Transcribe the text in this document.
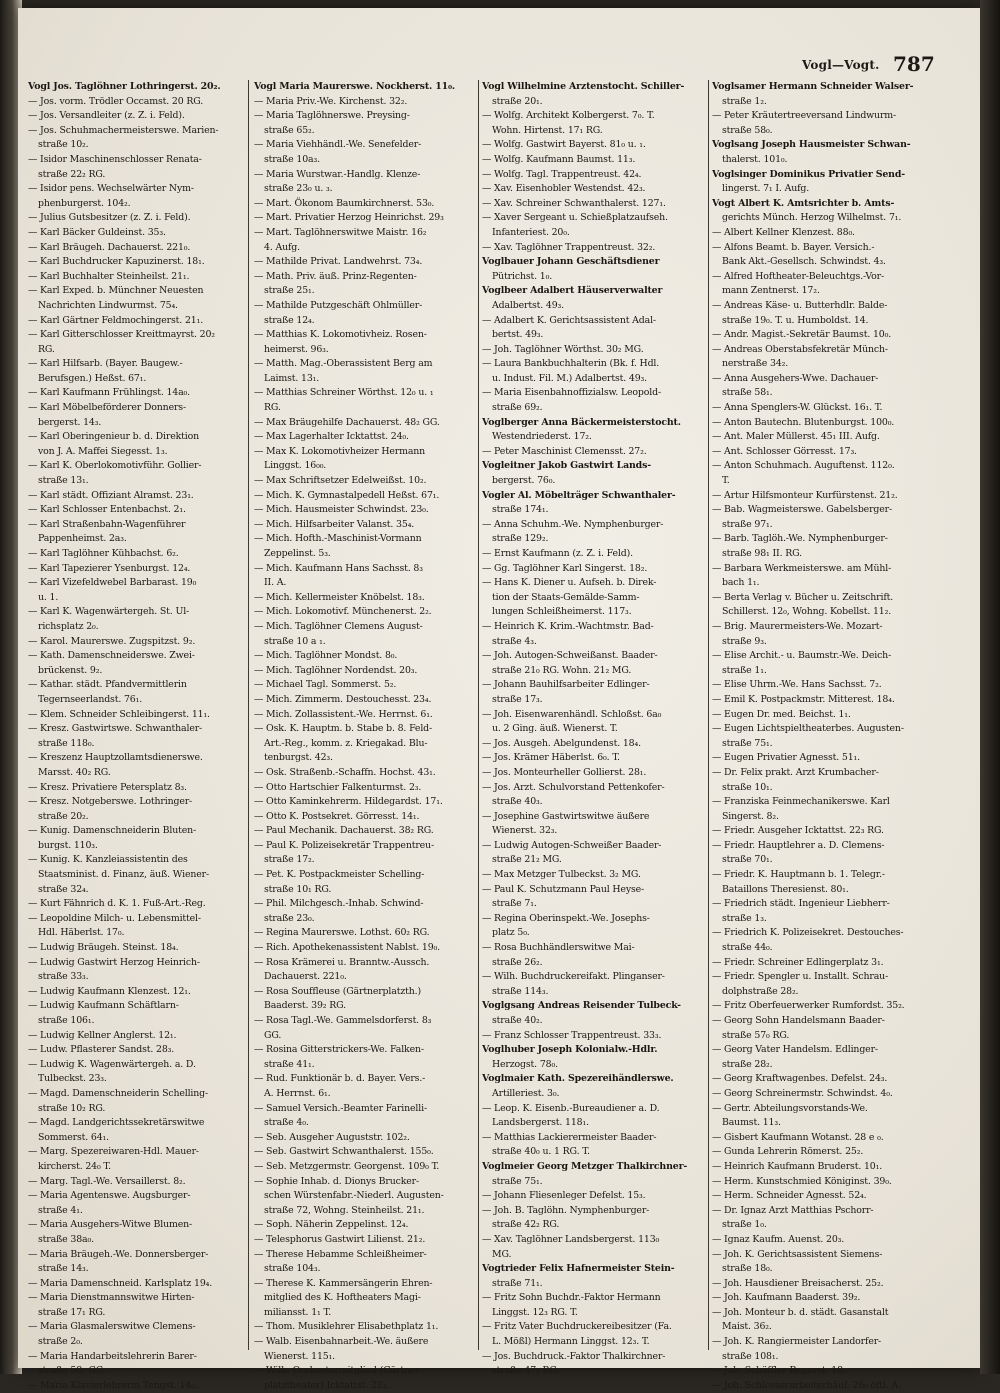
Vogl—Vogt. 787
Vogl Jos. Taglöhner Lothringerst. 20₂.
— Jos. vorm. Trödler Occamst. 20 RG.
— Jos. Versandleiter (z. Z. i. Feld).
— Jos. Schuhmachermeisterswe. Marien-
straße 10₂.
— Isidor Maschinenschlosser Renata-
straße 22₂ RG.
— Isidor pens. Wechselwärter Nym-
phenburgerst. 104₂.
— Julius Gutsbesitzer (z. Z. i. Feld).
— Karl Bäcker Guldeinst. 35₃.
— Karl Bräugeh. Dachauerst. 221₀.
— Karl Buchdrucker Kapuzinerst. 18₁.
— Karl Buchhalter Steinheilst. 21₁.
— Karl Exped. b. Münchner Neuesten
Nachrichten Lindwurmst. 75₄.
— Karl Gärtner Feldmochingerst. 21₁.
— Karl Gitterschlosser Kreittmayrst. 20₂
RG.
— Karl Hilfsarb. (Bayer. Baugew.-
Berufsgen.) Heßst. 67₁.
— Karl Kaufmann Frühlingst. 14a₀.
— Karl Möbelbeförderer Donners-
bergerst. 14₃.
— Karl Oberingenieur b. d. Direktion
von J. A. Maffei Siegesst. 1₃.
— Karl K. Oberlokomotivführ. Gollier-
straße 13₁.
— Karl städt. Offiziant Alramst. 23₁.
— Karl Schlosser Entenbachst. 2₁.
— Karl Straßenbahn-Wagenführer
Pappenheimst. 2a₃.
— Karl Taglöhner Kühbachst. 6₂.
— Karl Tapezierer Ysenburgst. 12₄.
— Karl Vizefeldwebel Barbarast. 19₀
u. 1.
— Karl K. Wagenwärtergeh. St. Ul-
richsplatz 2₀.
— Karol. Maurerswe. Zugspitzst. 9₂.
— Kath. Damenschneiderswe. Zwei-
brückenst. 9₂.
— Kathar. städt. Pfandvermittlerin
Tegernseerlandst. 76₁.
— Klem. Schneider Schleibingerst. 11₁.
— Kresz. Gastwirtswe. Schwanthaler-
straße 118₀.
— Kreszenz Hauptzollamtsdienerswe.
Marsst. 40₂ RG.
— Kresz. Privatiere Petersplatz 8₃.
— Kresz. Notgeberswe. Lothringer-
straße 20₂.
— Kunig. Damenschneiderin Bluten-
burgst. 110₃.
— Kunig. K. Kanzleiassistentin des
Staatsminist. d. Finanz, äuß. Wiener-
straße 32₄.
— Kurt Fähnrich d. K. 1. Fuß-Art.-Reg.
— Leopoldine Milch- u. Lebensmittel-
Hdl. Häberlst. 17₀.
— Ludwig Bräugeh. Steinst. 18₄.
— Ludwig Gastwirt Herzog Heinrich-
straße 33₃.
— Ludwig Kaufmann Klenzest. 12₁.
— Ludwig Kaufmann Schäftlarn-
straße 106₁.
— Ludwig Kellner Anglerst. 12₁.
— Ludw. Pflasterer Sandst. 28₃.
— Ludwig K. Wagenwärtergeh. a. D.
Tulbeckst. 23₃.
— Magd. Damenschneiderin Schelling-
straße 10₂ RG.
— Magd. Landgerichtssekretärswitwe
Sommerst. 64₁.
— Marg. Spezereiwaren-Hdl. Mauer-
kircherst. 24₀ T.
— Marg. Tagl.-We. Versaillerst. 8₂.
— Maria Agentenswe. Augsburger-
straße 4₁.
— Maria Ausgehers-Witwe Blumen-
straße 38a₀.
— Maria Bräugeh.-We. Donnersberger-
straße 14₃.
— Maria Damenschneid. Karlsplatz 19₄.
— Maria Dienstmannswitwe Hirten-
straße 17₁ RG.
— Maria Glasmalerswitwe Clemens-
straße 2₀.
— Maria Handarbeitslehrerin Barer-
straße 58₂ GG.
— Maria Klavierlehrerin Tengst. 14₀.
Vogl Maria Maurerswe. Nockherst. 11₀.
— Maria Priv.-We. Kirchenst. 32₂.
— Maria Taglöhnerswe. Preysing-
straße 65₂.
— Maria Viehhändl.-We. Senefelder-
straße 10a₃.
— Maria Wurstwar.-Handlg. Klenze-
straße 23₀ u. ₃.
— Mart. Ökonom Baumkirchnerst. 53₀.
— Mart. Privatier Herzog Heinrichst. 29₃
— Mart. Taglöhnerswitwe Maistr. 16₂
4. Aufg.
— Mathilde Privat. Landwehrst. 73₄.
— Math. Priv. äuß. Prinz-Regenten-
straße 25₁.
— Mathilde Putzgeschäft Ohlmüller-
straße 12₄.
— Matthias K. Lokomotivheiz. Rosen-
heimerst. 96₃.
— Matth. Mag.-Oberassistent Berg am
Laimst. 13₁.
— Matthias Schreiner Wörthst. 12₀ u. ₁
RG.
— Max Bräugehilfe Dachauerst. 48₂ GG.
— Max Lagerhalter Icktattst. 24₀.
— Max K. Lokomotivheizer Hermann
Linggst. 16₀₀.
— Max Schriftsetzer Edelweißst. 10₂.
— Mich. K. Gymnastalpedell Heßst. 67₁.
— Mich. Hausmeister Schwindst. 23₀.
— Mich. Hilfsarbeiter Valanst. 35₄.
— Mich. Hofth.-Maschinist-Vormann
Zeppelinst. 5₃.
— Mich. Kaufmann Hans Sachsst. 8₃
II. A.
— Mich. Kellermeister Knöbelst. 18₃.
— Mich. Lokomotivf. Münchenerst. 2₂.
— Mich. Taglöhner Clemens August-
straße 10 a ₁.
— Mich. Taglöhner Mondst. 8₀.
— Mich. Taglöhner Nordendst. 20₃.
— Michael Tagl. Sommerst. 5₂.
— Mich. Zimmerm. Destouchesst. 23₄.
— Mich. Zollassistent.-We. Herrnst. 6₁.
— Osk. K. Hauptm. b. Stabe b. 8. Feld-
Art.-Reg., komm. z. Kriegakad. Blu-
tenburgst. 42₃.
— Osk. Straßenb.-Schaffn. Hochst. 43₁.
— Otto Hartschier Falkenturmst. 2₃.
— Otto Kaminkehrerm. Hildegardst. 17₁.
— Otto K. Postsekret. Görresst. 14₁.
— Paul Mechanik. Dachauerst. 38₂ RG.
— Paul K. Polizeisekretär Trappentreu-
straße 17₂.
— Pet. K. Postpackmeister Schelling-
straße 10₁ RG.
— Phil. Milchgesch.-Inhab. Schwind-
straße 23₀.
— Regina Maurerswe. Lothst. 60₂ RG.
— Rich. Apothekenassistent Nablst. 19₀.
— Rosa Krämerei u. Branntw.-Aussch.
Dachauerst. 221₀.
— Rosa Souffleuse (Gärtnerplatzth.)
Baaderst. 39₂ RG.
— Rosa Tagl.-We. Gammelsdorferst. 8₃
GG.
— Rosina Gitterstrickers-We. Falken-
straße 41₁.
— Rud. Funktionär b. d. Bayer. Vers.-
A. Herrnst. 6₁.
— Samuel Versich.-Beamter Farinelli-
straße 4₀.
— Seb. Ausgeher Auguststr. 102₂.
— Seb. Gastwirt Schwanthalerst. 155₀.
— Seb. Metzgermstr. Georgenst. 109₀ T.
— Sophie Inhab. d. Dionys Brucker-
schen Würstenfabr.-Niederl. Augusten-
straße 72, Wohng. Steinheilst. 21₁.
— Soph. Näherin Zeppelinst. 12₄.
— Telesphorus Gastwirt Lilienst. 21₂.
— Therese Hebamme Schleißheimer-
straße 104₃.
— Therese K. Kammersängerin Ehren-
mitglied des K. Hoftheaters Magi-
miliansst. 1₁ T.
— Thom. Musiklehrer Elisabethplatz 1₁.
— Walb. Eisenbahnarbeit.-We. äußere
Wienerst. 115₁.
— Wilh. Orchestermitglied (Gärtner-
platztheater) Icktattst. 22₂.
Vogl Wilhelmine Arztenstocht. Schiller-
straße 20₁.
— Wolfg. Architekt Kolbergerst. 7₀. T.
Wohn. Hirtenst. 17₁ RG.
— Wolfg. Gastwirt Bayerst. 81₀ u. ₁.
— Wolfg. Kaufmann Baumst. 11₃.
— Wolfg. Tagl. Trappentreust. 42₄.
— Xav. Eisenhobler Westendst. 42₃.
— Xav. Schreiner Schwanthalerst. 127₁.
— Xaver Sergeant u. Schießplatzaufseh.
Infanteriest. 20₀.
— Xav. Taglöhner Trappentreust. 32₂.
Voglbauer Johann Geschäftsdiener
Pütrichst. 1₀.
Voglbeer Adalbert Häuserverwalter
Adalbertst. 49₃.
— Adalbert K. Gerichtsassistent Adal-
bertst. 49₃.
— Joh. Taglöhner Wörthst. 30₂ MG.
— Laura Bankbuchhalterin (Bk. f. Hdl.
u. Indust. Fil. M.) Adalbertst. 49₃.
— Maria Eisenbahnoffizialsw. Leopold-
straße 69₂.
Voglberger Anna Bäckermeisterstocht.
Westendriederst. 17₂.
— Peter Maschinist Clemensst. 27₂.
Vogleitner Jakob Gastwirt Lands-
bergerst. 76₀.
Vogler Al. Möbelträger Schwanthaler-
straße 174₁.
— Anna Schuhm.-We. Nymphenburger-
straße 129₂.
— Ernst Kaufmann (z. Z. i. Feld).
— Gg. Taglöhner Karl Singerst. 18₂.
— Hans K. Diener u. Aufseh. b. Direk-
tion der Staats-Gemälde-Samm-
lungen Schleißheimerst. 117₃.
— Heinrich K. Krim.-Wachtmstr. Bad-
straße 4₃.
— Joh. Autogen-Schweißanst. Baader-
straße 21₀ RG. Wohn. 21₂ MG.
— Johann Bauhilfsarbeiter Edlinger-
straße 17₃.
— Joh. Eisenwarenhändl. Schloßst. 6a₀
u. 2 Ging. äuß. Wienerst. T.
— Jos. Ausgeh. Abelgundenst. 18₄.
— Jos. Krämer Häberlst. 6₀. T.
— Jos. Monteurheller Gollierst. 28₁.
— Jos. Arzt. Schulvorstand Pettenkofer-
straße 40₃.
— Josephine Gastwirtswitwe äußere
Wienerst. 32₃.
— Ludwig Autogen-Schweißer Baader-
straße 21₂ MG.
— Max Metzger Tulbeckst. 3₂ MG.
— Paul K. Schutzmann Paul Heyse-
straße 7₁.
— Regina Oberinspekt.-We. Josephs-
platz 5₀.
— Rosa Buchhändlerswitwe Mai-
straße 26₂.
— Wilh. Buchdruckereifakt. Plinganser-
straße 114₃.
Voglgsang Andreas Reisender Tulbeck-
straße 40₂.
— Franz Schlosser Trappentreust. 33₃.
Voglhuber Joseph Kolonialw.-Hdlr.
Herzogst. 78₀.
Voglmaier Kath. Spezereihändlerswe.
Artilleriest. 3₀.
— Leop. K. Eisenb.-Bureaudiener a. D.
Landsbergerst. 118₁.
— Matthias Lackierermeister Baader-
straße 40₀ u. 1 RG. T.
Voglmeier Georg Metzger Thalkirchner-
straße 75₁.
— Johann Fliesenleger Defelst. 15₃.
— Joh. B. Taglöhn. Nymphenburger-
straße 42₂ RG.
— Xav. Taglöhner Landsbergerst. 113₀
MG.
Vogtrieder Felix Hafnermeister Stein-
straße 71₁.
— Fritz Sohn Buchdr.-Faktor Hermann
Linggst. 12₃ RG. T.
— Fritz Vater Buchdruckereibesitzer (Fa.
L. Mößl) Hermann Linggst. 12₃. T.
— Jos. Buchdruck.-Faktor Thalkirchner-
straße 47₁ RG.
Voglsamer Hermann Schneider Walser-
straße 1₂.
— Peter Kräutertreeversand Lindwurm-
straße 58₀.
Voglsang Joseph Hausmeister Schwan-
thalerst. 101₀.
Voglsinger Dominikus Privatier Send-
lingerst. 7₁ I. Aufg.
Vogt Albert K. Amtsrichter b. Amts-
gerichts Münch. Herzog Wilhelmst. 7₁.
— Albert Kellner Klenzest. 88₀.
— Alfons Beamt. b. Bayer. Versich.-
Bank Akt.-Gesellsch. Schwindst. 4₃.
— Alfred Hoftheater-Beleuchtgs.-Vor-
mann Zentnerst. 17₂.
— Andreas Käse- u. Butterhdlr. Balde-
straße 19₀. T. u. Humboldst. 14.
— Andr. Magist.-Sekretär Baumst. 10₀.
— Andreas Oberstabsfekretär Münch-
nerstraße 34₂.
— Anna Ausgehers-Wwe. Dachauer-
straße 58₁.
— Anna Spenglers-W. Glückst. 16₁. T.
— Anton Bautechn. Blutenburgst. 100₀.
— Ant. Maler Müllerst. 45₁ III. Aufg.
— Ant. Schlosser Görresst. 17₃.
— Anton Schuhmach. Auguftenst. 112₀.
T.
— Artur Hilfsmonteur Kurfürstenst. 21₂.
— Bab. Wagmeisterswe. Gabelsberger-
straße 97₁.
— Barb. Taglöh.-We. Nymphenburger-
straße 98₁ II. RG.
— Barbara Werkmeisterswe. am Mühl-
bach 1₁.
— Berta Verlag v. Bücher u. Zeitschrift.
Schillerst. 12₀, Wohng. Kobellst. 11₂.
— Brig. Maurermeisters-We. Mozart-
straße 9₃.
— Elise Archit.- u. Baumstr.-We. Deich-
straße 1₁.
— Elise Uhrm.-We. Hans Sachsst. 7₂.
— Emil K. Postpackmstr. Mitterest. 18₄.
— Eugen Dr. med. Beichst. 1₁.
— Eugen Lichtspieltheaterbes. Augusten-
straße 75₁.
— Eugen Privatier Agnesst. 51₁.
— Dr. Felix prakt. Arzt Krumbacher-
straße 10₁.
— Franziska Feinmechanikerswe. Karl
Singerst. 8₂.
— Friedr. Ausgeher Icktattst. 22₃ RG.
— Friedr. Hauptlehrer a. D. Clemens-
straße 70₁.
— Friedr. K. Hauptmann b. 1. Telegr.-
Bataillons Theresienst. 80₁.
— Friedrich städt. Ingenieur Liebherr-
straße 1₃.
— Friedrich K. Polizeisekret. Destouches-
straße 44₀.
— Friedr. Schreiner Edlingerplatz 3₁.
— Friedr. Spengler u. Installt. Schrau-
dolphstraße 28₂.
— Fritz Oberfeuerwerker Rumfordst. 35₂.
— Georg Sohn Handelsmann Baader-
straße 57₀ RG.
— Georg Vater Handelsm. Edlinger-
straße 28₂.
— Georg Kraftwagenbes. Defelst. 24₃.
— Georg Schreinermstr. Schwindst. 4₀.
— Gertr. Abteilungsvorstands-We.
Baumst. 11₃.
— Gisbert Kaufmann Wotanst. 28 e ₀.
— Gunda Lehrerin Römerst. 25₂.
— Heinrich Kaufmann Bruderst. 10₁.
— Herm. Kunstschmied Königinst. 39₀.
— Herm. Schneider Agnesst. 52₄.
— Dr. Ignaz Arzt Matthias Pschorr-
straße 1₀.
— Ignaz Kaufm. Auenst. 20₃.
— Joh. K. Gerichtsassistent Siemens-
straße 18₀.
— Joh. Hausdiener Breisacherst. 25₂.
— Joh. Kaufmann Baaderst. 39₂.
— Joh. Monteur b. d. städt. Gasanstalt
Maist. 36₂.
— Joh. K. Rangiermeister Landorfer-
straße 108₁.
— Joh. Schäffler Regerst. 18₂
— Joh. Schlosserarbeiterhäuf. 26₀ öftl. A.
